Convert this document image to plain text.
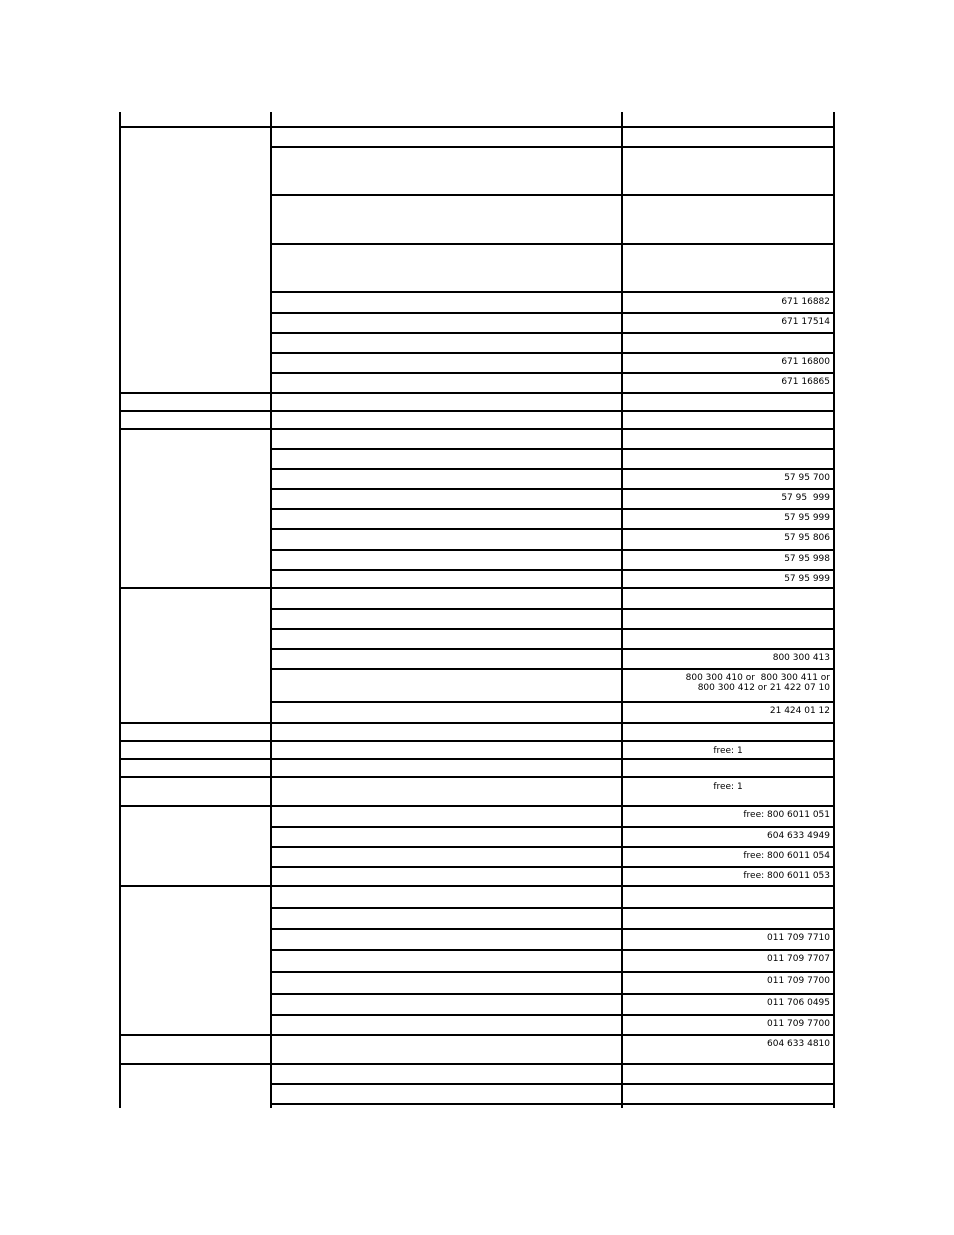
671 16882
671 17514
671 16800
671 16865
57 95 700
57 95  999
57 95 999
57 95 806
57 95 998
57 95 999
800 300 413
800 300 410 or  800 300 411 or
800 300 412 or 21 422 07 10
21 424 01 12
free: 1
free: 1
free: 800 6011 051
604 633 4949
free: 800 6011 054
free: 800 6011 053
011 709 7710
011 709 7707
011 709 7700
011 706 0495
011 709 7700
604 633 4810
